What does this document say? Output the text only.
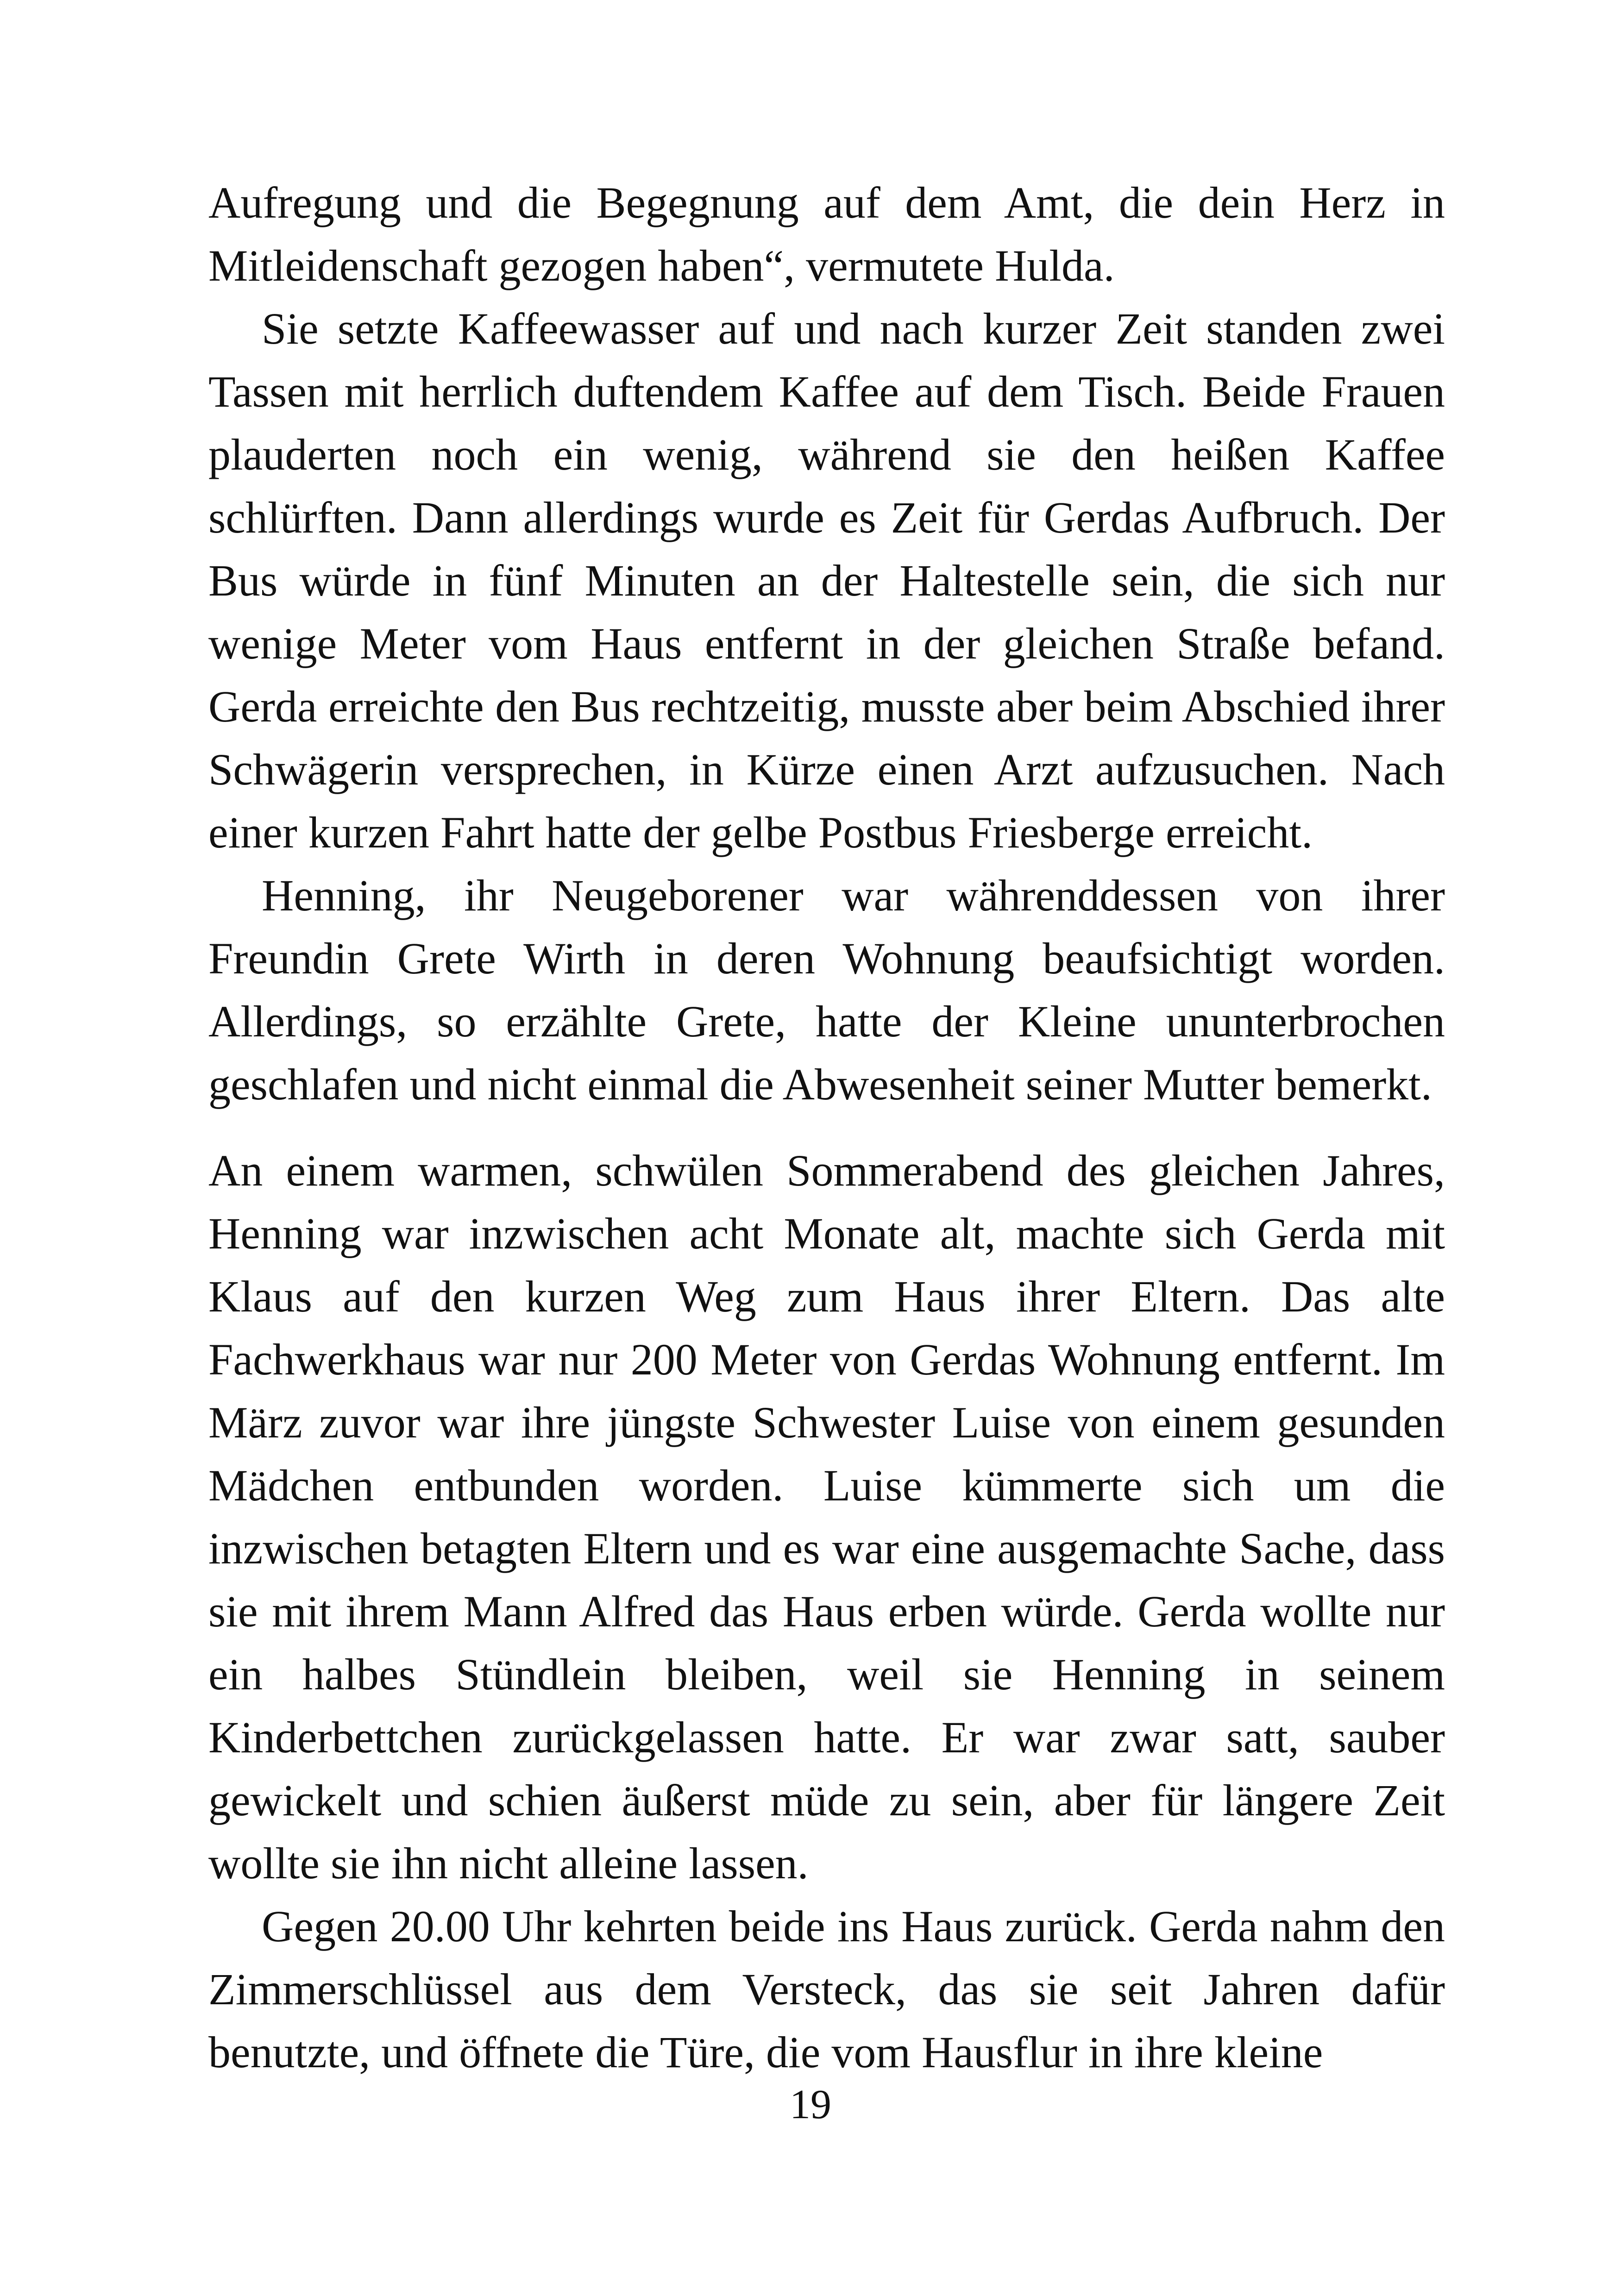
Aufregung und die Begegnung auf dem Amt, die dein Herz in Mitleidenschaft gezogen haben“, vermutete Hulda.

Sie setzte Kaffeewasser auf und nach kurzer Zeit standen zwei Tassen mit herrlich duftendem Kaffee auf dem Tisch. Beide Frauen plauderten noch ein wenig, während sie den heißen Kaffee schlürften. Dann allerdings wurde es Zeit für Gerdas Aufbruch. Der Bus würde in fünf Minuten an der Haltestelle sein, die sich nur wenige Meter vom Haus entfernt in der gleichen Straße befand. Gerda erreichte den Bus rechtzeitig, musste aber beim Abschied ihrer Schwägerin versprechen, in Kürze einen Arzt aufzusuchen. Nach einer kurzen Fahrt hatte der gelbe Postbus Friesberge erreicht.

Henning, ihr Neugeborener war währenddessen von ihrer Freundin Grete Wirth in deren Wohnung beaufsichtigt worden. Allerdings, so erzählte Grete, hatte der Kleine ununterbrochen geschlafen und nicht einmal die Abwesenheit seiner Mutter bemerkt.

An einem warmen, schwülen Sommerabend des gleichen Jahres, Henning war inzwischen acht Monate alt, machte sich Gerda mit Klaus auf den kurzen Weg zum Haus ihrer Eltern. Das alte Fachwerkhaus war nur 200 Meter von Gerdas Wohnung entfernt. Im März zuvor war ihre jüngste Schwester Luise von einem gesunden Mädchen entbunden worden. Luise kümmerte sich um die inzwischen betagten Eltern und es war eine ausgemachte Sache, dass sie mit ihrem Mann Alfred das Haus erben würde. Gerda wollte nur ein halbes Stündlein bleiben, weil sie Henning in seinem Kinderbettchen zurückgelassen hatte. Er war zwar satt, sauber gewickelt und schien äußerst müde zu sein, aber für längere Zeit wollte sie ihn nicht alleine lassen.

Gegen 20.00 Uhr kehrten beide ins Haus zurück. Gerda nahm den Zimmerschlüssel aus dem Versteck, das sie seit Jahren dafür benutzte, und öffnete die Türe, die vom Hausflur in ihre kleine

19
